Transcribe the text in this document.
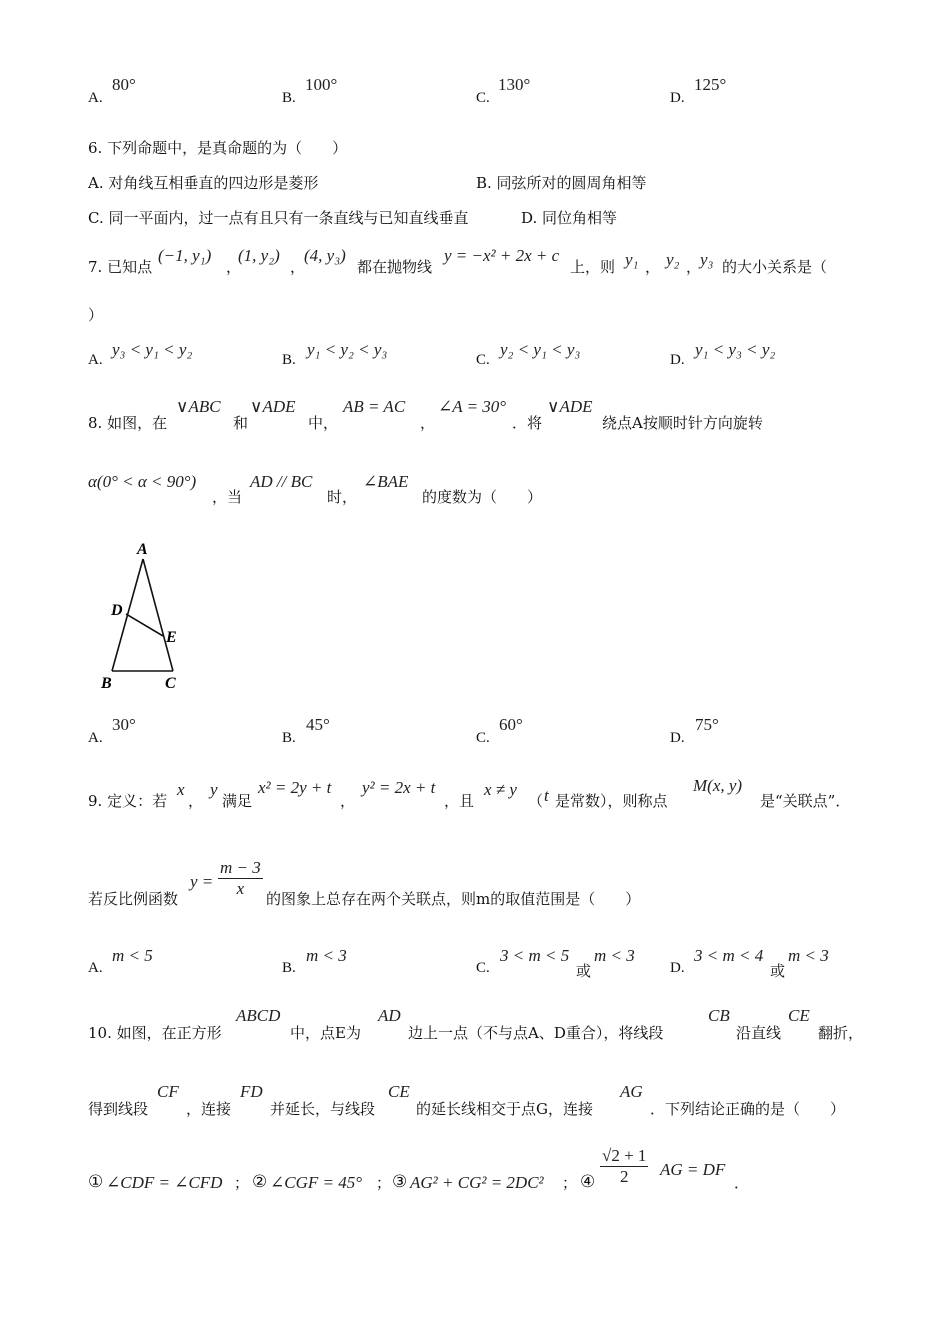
A.
80°
B.
100°
C.
130°
D.
125°
6. 下列命题中，是真命题的为（　　）
A. 对角线互相垂直的四边形是菱形	B. 同弦所对的圆周角相等
C. 同一平面内，过一点有且只有一条直线与已知直线垂直	D. 同位角相等
7. 已知点
(−1, y₁)
，
(1, y₂)
，
(4, y₃)
都在抛物线
y = −x² + 2x + c
上，则 y₁ ， y₂ ，
y₃ 的大小关系是（
）
A.
y₃ < y₁ < y₂
B.
y₁ < y₂ < y₃
C.
y₂ < y₁ < y₃
D.
y₁ < y₃ < y₂
8. 如图，在
∨ABC
和
∨ADE
中，
AB = AC
，
∠A = 30°
．将
∨ADE
绕点A按顺时针方向旋转
α(0° < α < 90°)
，当
AD // BC
时，
∠BAE
的度数为（　　）
A
D
E
B	C
A.
30°
B.
45°
C.
60°
D.
75°
9. 定义：若
x
，
y
满足
x² = 2y + t
，
y² = 2x + t
，且
x ≠ y
（ t 是常数），则称点
M(x, y)
是“关联点”．
若反比例函数
$y = \frac{m - 3}{x}$ 的图象上总存在两个关联点，则m的取值范围是（　　）
A.
m < 5
B.
m < 3
C.
3 < m < 5
或
m < 3
D.
3 < m < 4
或
m < 3
10. 如图，在正方形
ABCD
中，点E为
AD
边上一点（不与点A、D重合），将线段
CB
沿直线
CE
翻折，
得到线段
CF
，连接
FD
并延长，与线段
CE
的延长线相交于点G，连接
AG
．下列结论正确的是（　　）
① ∠CDF = ∠CFD ； ② ∠CGF = 45° ； ③ AG² + CG² = 2DC² ； ④ $\frac{√2 + 1}{2}$ AG = DF
．
